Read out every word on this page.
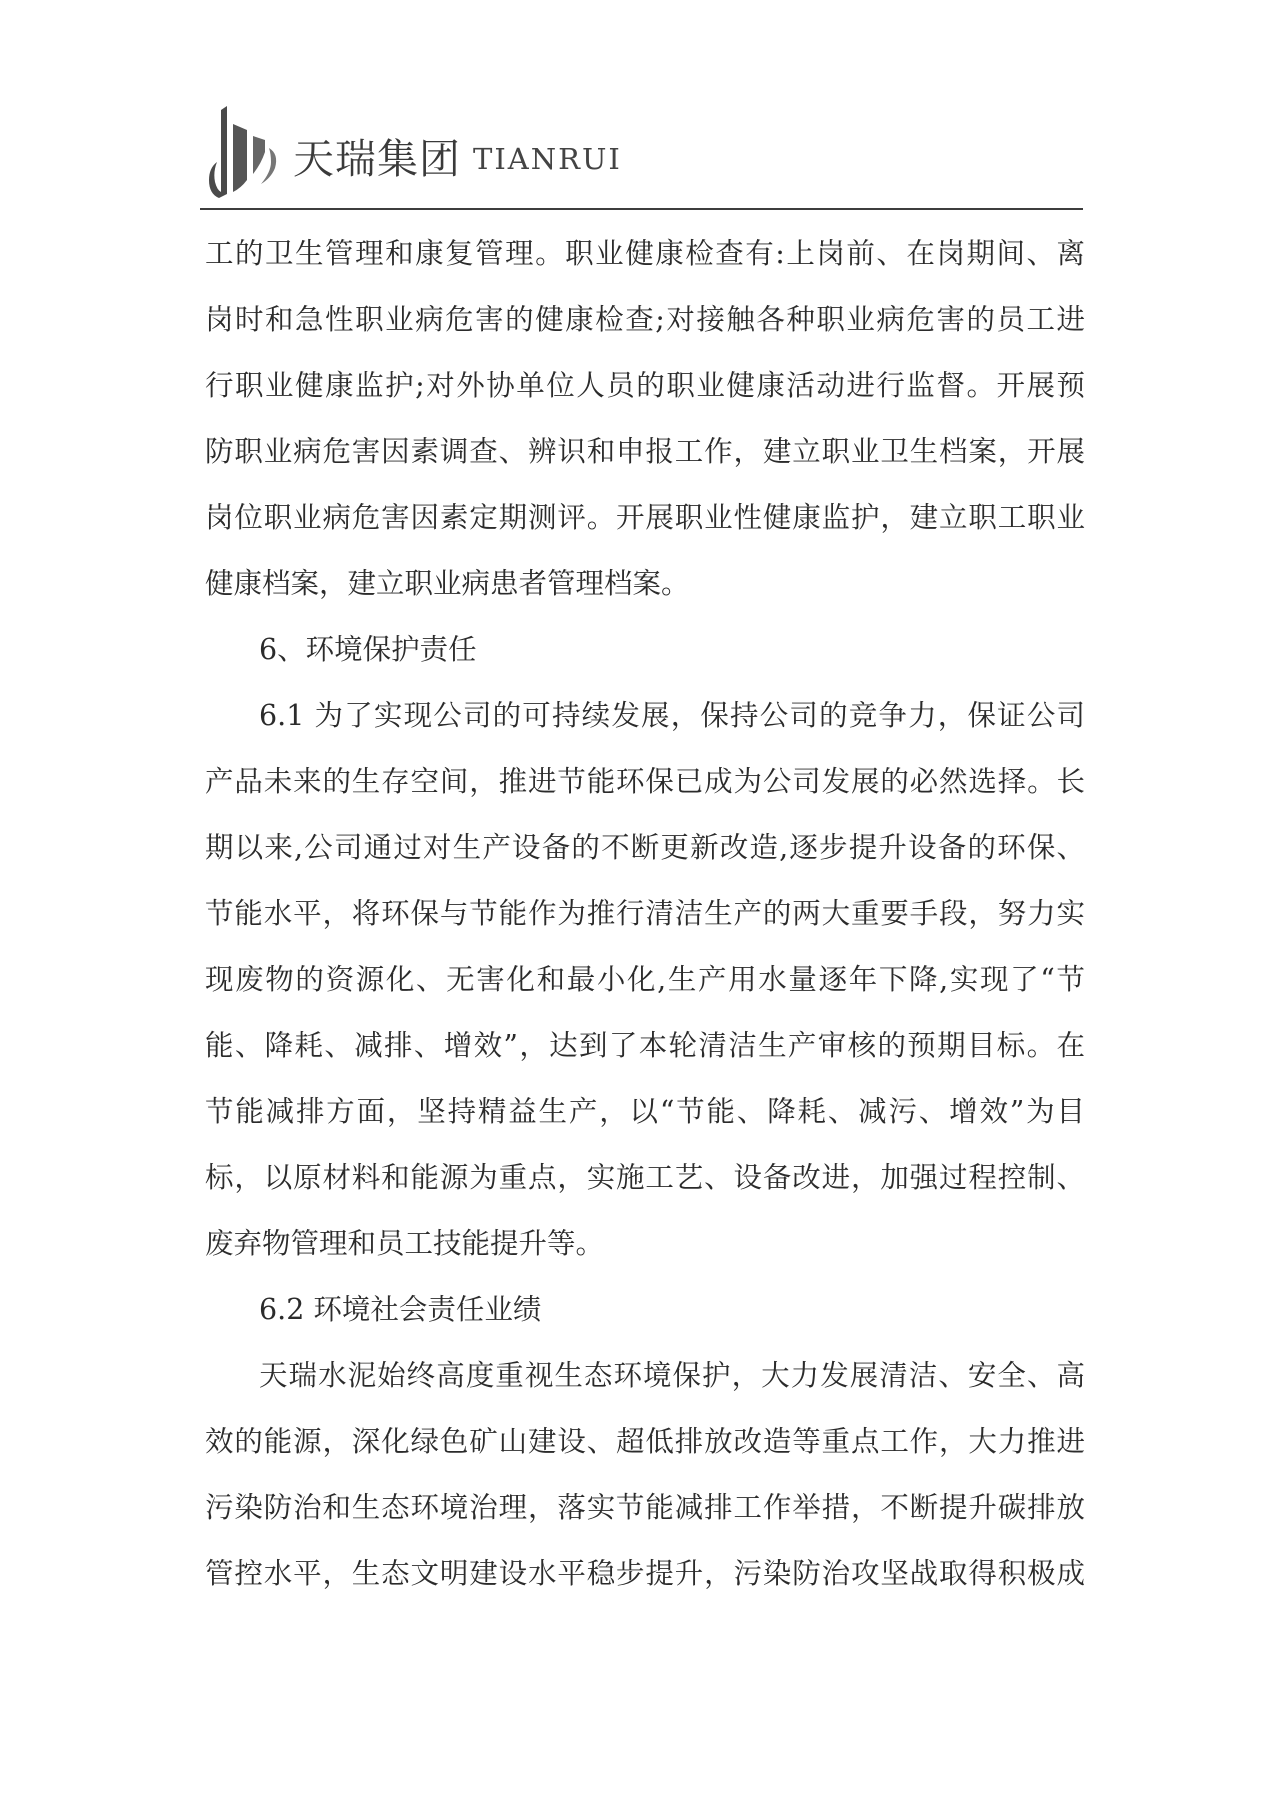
天瑞集团 TIANRUI
工的卫生管理和康复管理。职业健康检查有:上岗前、在岗期间、离
岗时和急性职业病危害的健康检查;对接触各种职业病危害的员工进
行职业健康监护;对外协单位人员的职业健康活动进行监督。开展预
防职业病危害因素调查、辨识和申报工作，建立职业卫生档案，开展
岗位职业病危害因素定期测评。开展职业性健康监护，建立职工职业
健康档案，建立职业病患者管理档案。
6、环境保护责任
6.1 为了实现公司的可持续发展，保持公司的竞争力，保证公司
产品未来的生存空间，推进节能环保已成为公司发展的必然选择。长
期以来,公司通过对生产设备的不断更新改造,逐步提升设备的环保、
节能水平，将环保与节能作为推行清洁生产的两大重要手段，努力实
现废物的资源化、无害化和最小化,生产用水量逐年下降,实现了“节
能、降耗、减排、增效”，达到了本轮清洁生产审核的预期目标。在
节能减排方面，坚持精益生产，以“节能、降耗、减污、增效”为目
标，以原材料和能源为重点，实施工艺、设备改进，加强过程控制、
废弃物管理和员工技能提升等。
6.2 环境社会责任业绩
天瑞水泥始终高度重视生态环境保护，大力发展清洁、安全、高
效的能源，深化绿色矿山建设、超低排放改造等重点工作，大力推进
污染防治和生态环境治理，落实节能减排工作举措，不断提升碳排放
管控水平，生态文明建设水平稳步提升，污染防治攻坚战取得积极成
